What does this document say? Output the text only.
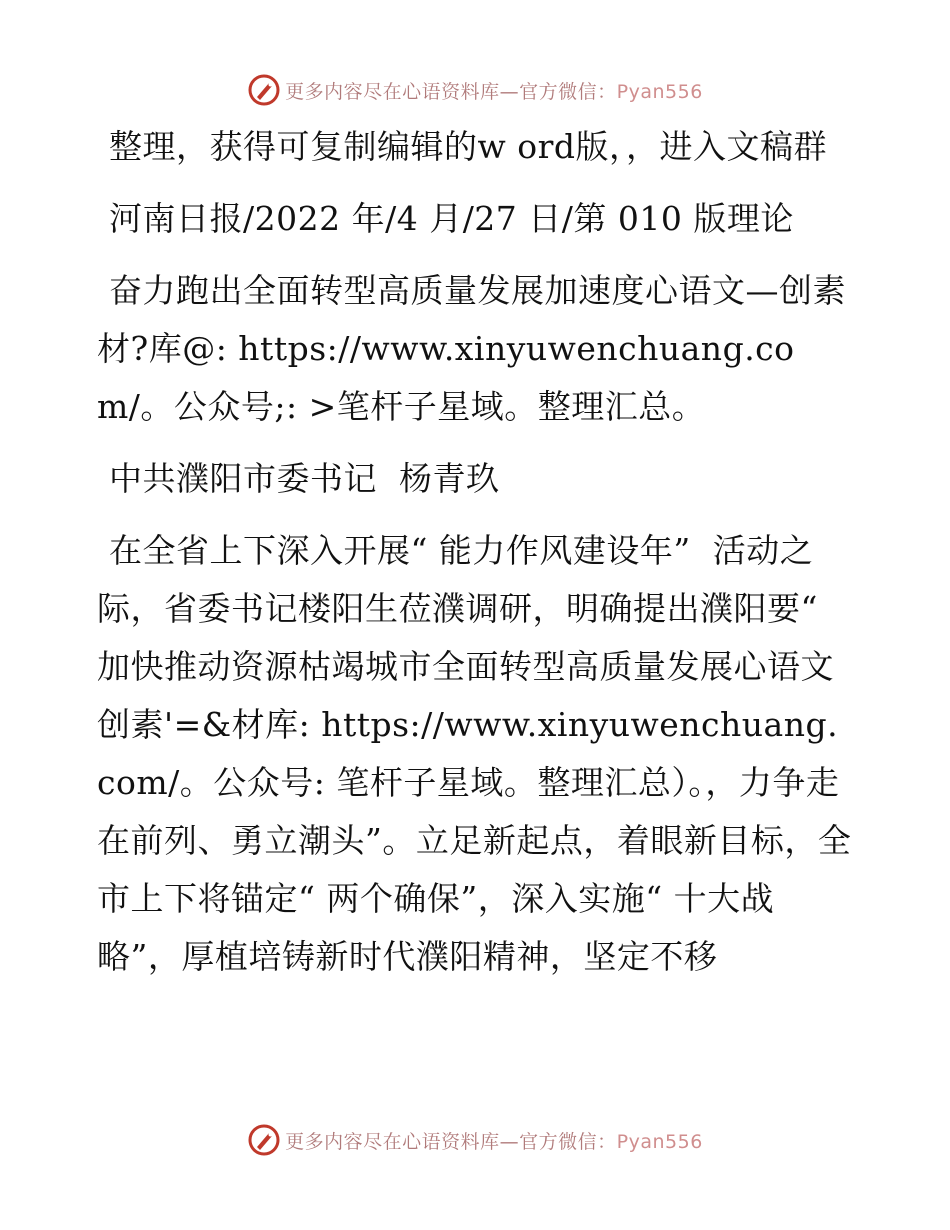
更多内容尽在心语资料库—官方微信：Pyan556

整理，获得可复制编辑的w ord版，，进入文稿群

河南日报/2022 年/4 月/27 日/第 010 版理论

奋力跑出全面转型高质量发展加速度心语文—创素材?库@: https://www.xinyuwenchuang.com/。公众号;: >笔杆子星域。整理汇总。

中共濮阳市委书记  杨青玖

在全省上下深入开展“ 能力作风建设年”  活动之际，省委书记楼阳生莅濮调研，明确提出濮阳要“ 加快推动资源枯竭城市全面转型高质量发展心语文创素'=&材库: https://www.xinyuwenchuang.com/。公众号: 笔杆子星域。整理汇总）。，力争走在前列、勇立潮头”。立足新起点，着眼新目标，全市上下将锚定“ 两个确保”，深入实施“ 十大战略”，厚植培铸新时代濮阳精神，坚定不移

更多内容尽在心语资料库—官方微信：Pyan556
